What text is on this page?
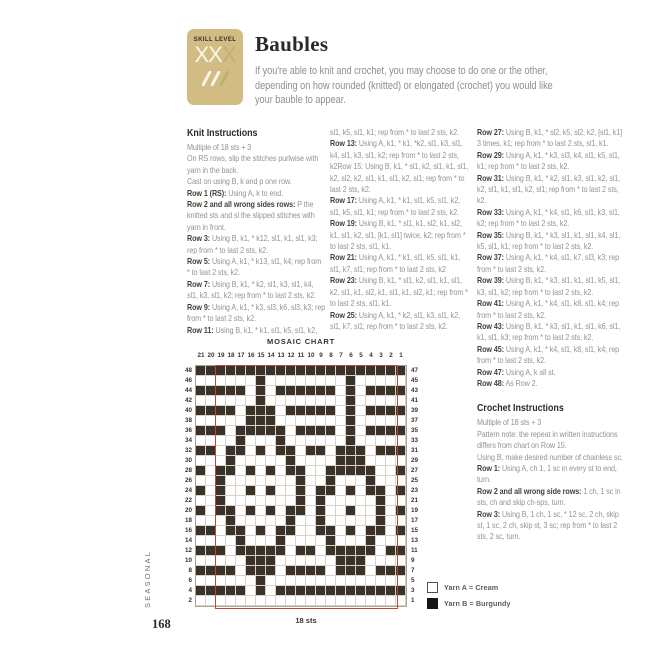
SKILL LEVEL
XXX Baubles
If you're able to knit and crochet, you may choose to do one or the other, depending on how rounded (knitted) or elongated (crochet) you would like your bauble to appear.

Knit Instructions

Multiple of 18 sts + 3

On RS rows, slip the stitches purlwise with yarn in the back.

Cast on using B, k and p one row.

Row 1 (RS): Using A, k to end.

Row 2 and all wrong sides rows: P the knitted sts and sl the slipped stitches with yarn in front.

Row 3: Using B, k1, * k12, sl1, k1, sl1, k3; rep from * to last 2 sts, k2.

Row 5: Using A, k1, * k13, sl1, k4; rep from * to last 2 sts, k2.

Row 7: Using B, k1, * k2, sl1, k3, sl1, k4, sl1, k3, sl1, k2; rep from * to last 2 sts, k2.

Row 9: Using A, k1, * k3, sl3, k6, sl3, k3; rep from * to last 2 sts, k2.

Row 11: Using B, k1, * k1, sl1, k5, sl1, k2,

sl1, k5, sl1, k1; rep from * to last 2 sts, k2.

Row 13: Using A, k1, * k1, *k2, sl1, k3, sl1, k4, sl1, k3, sl1, k2; rep from * to last 2 sts, k2Row 15: Using B, k1, * sl1, k2, sl1, k1, sl1, k2, sl2, k2, sl1, k1, sl1, k2, sl1; rep from * to last 2 sts, k2.

Row 17: Using A, k1, * k1, sl1, k5, sl1, k2, sl1, k5, sl1, k1; rep from * to last 2 sts, k2.

Row 19: Using B, k1, * sl1, k1, sl2, k1, sl2, k1, sl1, k2, sl1, [k1, sl1] twice, k2; rep from * to last 2 sts, sl1, k1.

Row 21: Using A, k1, * k1, sl1, k5, sl1, k1, sl1, k7, sl1; rep from * to last 2 sts, k2

Row 23: Using B, k1, * sl1, k2, sl1, k1, sl1, k2, sl1, k1, sl2, k1, sl1, k1, sl2, k1; rep from * to last 2 sts, sl1, k1.

Row 25: Using A, k1, * k2, sl1, k3, sl1, k2, sl1, k7, sl1; rep from * to last 2 sts, k2.

Row 27: Using B, k1, * sl2, k5, sl2, k2, [sl1, k1] 3 times, k1; rep from * to last 2 sts, sl1, k1.

Row 29: Using A, k1, * k3, sl3, k4, sl1, k5, sl1, k1; rep from * to last 2 sts, k2.

Row 31: Using B, k1, * k2, sl1, k3, sl1, k2, sl1, k2, sl1, k1, sl1, k2, sl1; rep from * to last 2 sts, k2.

Row 33: Using A, k1, * k4, sl1, k6, sl1, k3, sl1, k2; rep from * to last 2 sts, k2.

Row 35: Using B, k1, * k3, sl1, k1, sl1, k4, sl1, k5, sl1, k1; rep from * to last 2 sts, k2.

Row 37: Using A, k1, * k4, sl1, k7, sl3, k3; rep from * to last 2 sts, k2.

Row 39: Using B, k1, * k3, sl1, k1, sl1, k5, sl1, k3, sl1, k2; rep from * to last 2 sts, k2.

Row 41: Using A, k1, * k4, sl1, k8, sl1, k4; rep from * to last 2 sts, k2.

Row 43: Using B, k1, * k3, sl1, k1, sl1, k6, sl1, k1, sl1, k3; rep from * to last 2 sts, k2.

Row 45: Using A, k1, * k4, sl1, k8, sl1, k4; rep from * to last 2 sts, k2.

Row 47: Using A, k all st.

Row 48: As Row 2.

Crochet Instructions

Multiple of 18 sts + 3

Pattern note: the repeat in written instructions differs from chart on Row 15.

Using B, make desired number of chainless sc.

Row 1: Using A, ch 1, 1 sc in every st to end, turn.

Row 2 and all wrong side rows: 1 ch, 1 sc in sts, ch and skip ch-sps, turn.

Row 3: Using B, 1 ch, 1 sc, * 12 sc, 2 ch, skip st, 1 sc, 2 ch, skip st, 3 sc; rep from * to last 2 sts, 2 sc, turn.

MOSAIC CHART
21 20 19 18 17 16 15 14 13 12 11 10 9	8	7	6	5	4	3	2	1
48
46
44
42
40
38
36
34
32
30
28
26
24
22
20
18
16
14
12
10
8
6
4
2
47
45
43
41
39
37
35
33
31
29
27
25
23
21
19
17
15
13
11
9
7
5
3
1
18 sts
Yarn A = Cream
Yarn B = Burgundy
SEASONAL
168
